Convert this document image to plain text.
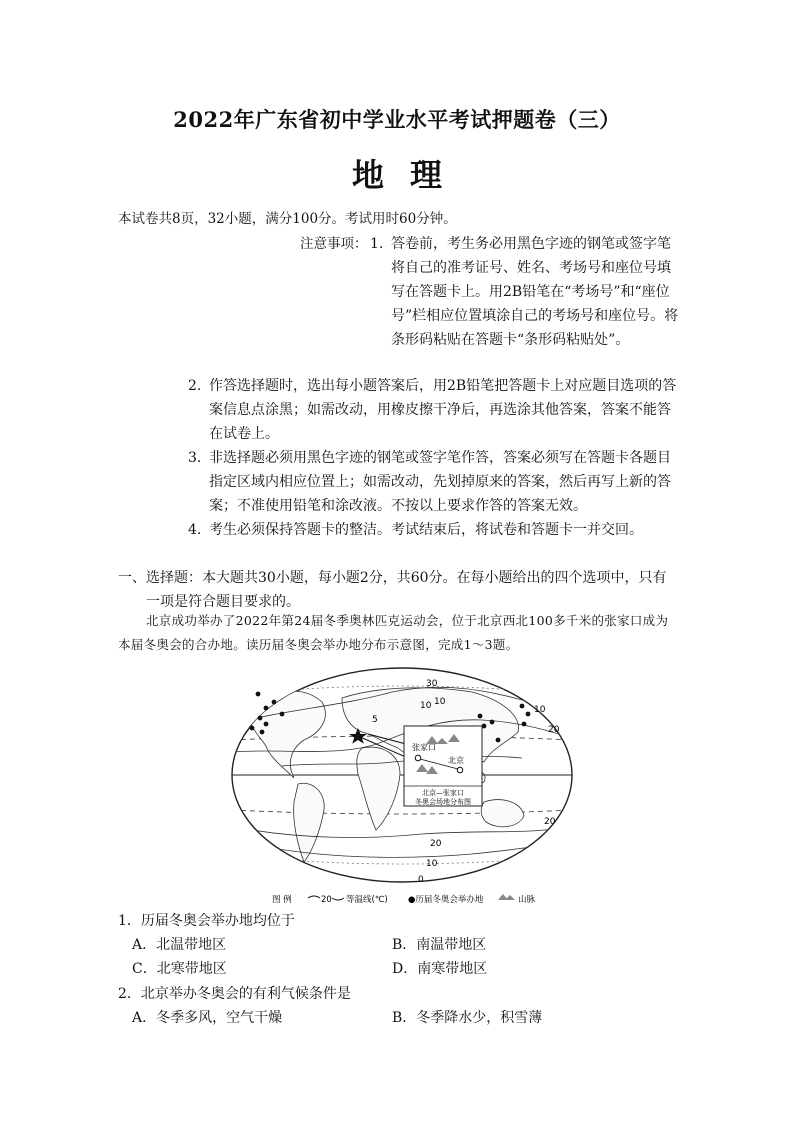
2022年广东省初中学业水平考试押题卷（三）
地理
本试卷共8页，32小题，满分100分。考试用时60分钟。
注意事项： 1. 答卷前，考生务必用黑色字迹的钢笔或签字笔将自己的准考证号、姓名、考场号和座位号填写在答题卡上。用2B铅笔在“考场号”和“座位号”栏相应位置填涂自己的考场号和座位号。将条形码粘贴在答题卡“条形码粘贴处”。
2. 作答选择题时，选出每小题答案后，用2B铅笔把答题卡上对应题目选项的答案信息点涂黑；如需改动，用橡皮擦干净后，再选涂其他答案，答案不能答在试卷上。
3. 非选择题必须用黑色字迹的钢笔或签字笔作答，答案必须写在答题卡各题目指定区域内相应位置上；如需改动，先划掉原来的答案，然后再写上新的答案；不准使用铅笔和涂改液。不按以上要求作答的答案无效。
4. 考生必须保持答题卡的整洁。考试结束后，将试卷和答题卡一并交回。
一、选择题：本大题共30小题，每小题2分，共60分。在每小题给出的四个选项中，只有一项是符合题目要求的。
北京成功举办了2022年第24届冬季奥林匹克运动会，位于北京西北100多千米的张家口成为本届冬奥会的合办地。读历届冬奥会举办地分布示意图，完成1～3题。
30
10 10
5
10
20
20
20
10
0
张家口
北京
北京—张家口
冬奥会场地分布图
图 例	20 等温线(℃) ●历届冬奥会举办地	山脉
1．历届冬奥会举办地均位于
A．北温带地区	B．南温带地区
C．北寒带地区	D．南寒带地区
2．北京举办冬奥会的有利气候条件是
A．冬季多风，空气干燥	B．冬季降水少，积雪薄
